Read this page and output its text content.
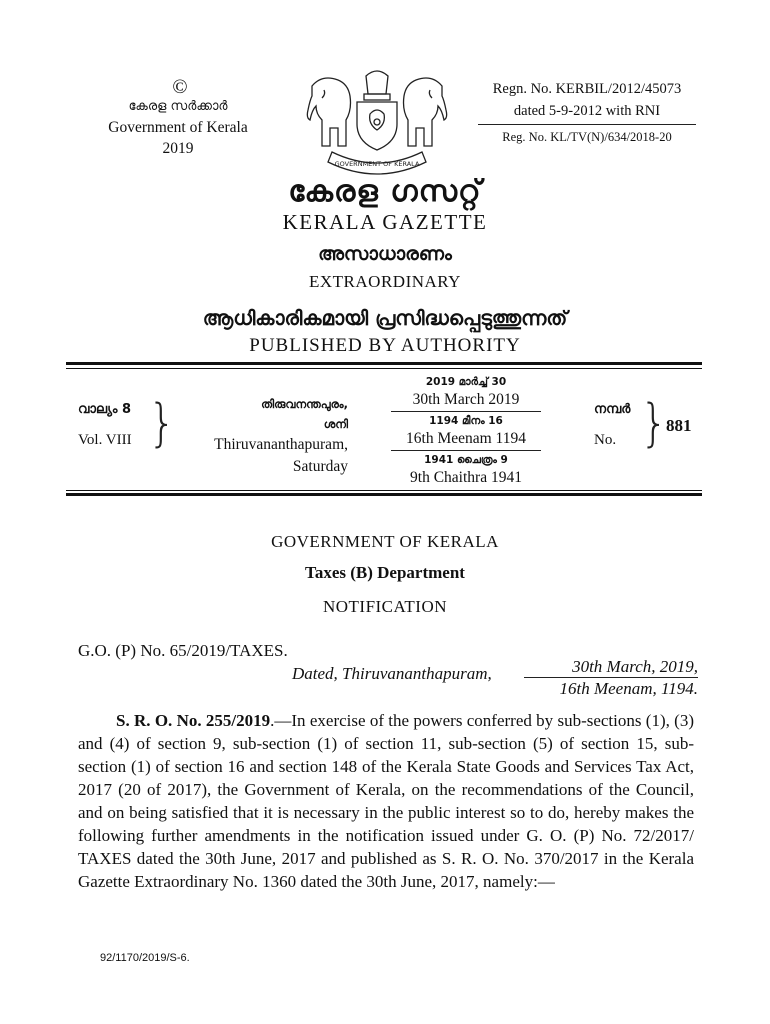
©
കേരള സർക്കാർ
Government of Kerala
2019
GOVERNMENT OF KERALA
Regn. No. KERBIL/2012/45073
dated 5-9-2012 with RNI
Reg. No. KL/TV(N)/634/2018-20
കേരള ഗസറ്റ്
KERALA GAZETTE
അസാധാരണം
EXTRAORDINARY
ആധികാരികമായി പ്രസിദ്ധപ്പെടുത്തുന്നത്
PUBLISHED BY AUTHORITY
വാല്യം 8
Vol. VIII }	തിരുവനന്തപുരം,
ശനി
Thiruvananthapuram,
Saturday
2019 മാർച്ച് 30
30th March 2019
1194 മീനം 16
16th Meenam 1194
1941 ചൈത്രം 9
9th Chaithra 1941
നമ്പർ
No. }
881
GOVERNMENT OF KERALA
Taxes (B) Department
NOTIFICATION
G.O. (P) No. 65/2019/TAXES.
Dated, Thiruvananthapuram,	30th March, 2019,
16th Meenam, 1194.
S. R. O. No. 255/2019.—In exercise of the powers conferred by sub-sections (1), (3) and (4) of section 9, sub-section (1) of section 11, sub-section (5) of section 15, sub-section (1) of section 16 and section 148 of the Kerala State Goods and Services Tax Act, 2017 (20 of 2017), the Government of Kerala, on the recommendations of the Council, and on being satisfied that it is necessary in the public interest so to do, hereby makes the following further amendments in the notification issued under G. O. (P) No. 72/2017/ TAXES dated the 30th June, 2017 and published as S. R. O. No. 370/2017 in the Kerala Gazette Extraordinary No. 1360 dated the 30th June, 2017, namely:—
92/1170/2019/S-6.
